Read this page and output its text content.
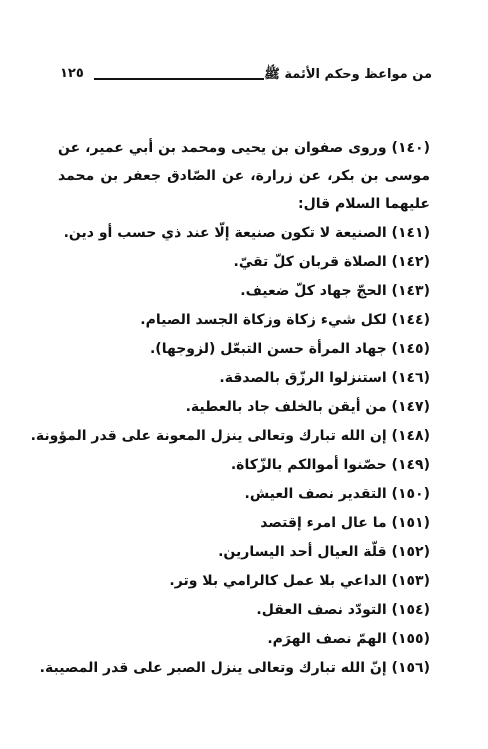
من مواعظ وحكم الأئمة ﷺ
١٢٥

(١٤٠) وروى صفوان بن يحيى ومحمد بن أبي عمير، عن موسى بن بكر، عن زرارة، عن الصّادق جعفر بن محمد عليهما السلام قال:

(١٤١) الصنيعة لا تكون صنيعة إلّا عند ذي حسب أو دين.

(١٤٢) الصلاة قربان كلّ تقيّ.

(١٤٣) الحجّ جهاد كلّ ضعيف.

(١٤٤) لكل شيء زكاة وزكاة الجسد الصيام.

(١٤٥) جهاد المرأة حسن التبعّل (لزوجها).

(١٤٦) استنزلوا الرزّق بالصدقة.

(١٤٧) من أيقن بالخلف جاد بالعطية.

(١٤٨) إن الله تبارك وتعالى ينزل المعونة على قدر المؤونة.

(١٤٩) حصّنوا أموالكم بالزّكاة.

(١٥٠) التقدير نصف العيش.

(١٥١) ما عال امرء إقتصد

(١٥٢) قلّة العيال أحد اليسارين.

(١٥٣) الداعي بلا عمل كالرامي بلا وتر.

(١٥٤) التودّد نصف العقل.

(١٥٥) الهمّ نصف الهرَم.

(١٥٦) إنّ الله تبارك وتعالى ينزل الصبر على قدر المصيبة.
